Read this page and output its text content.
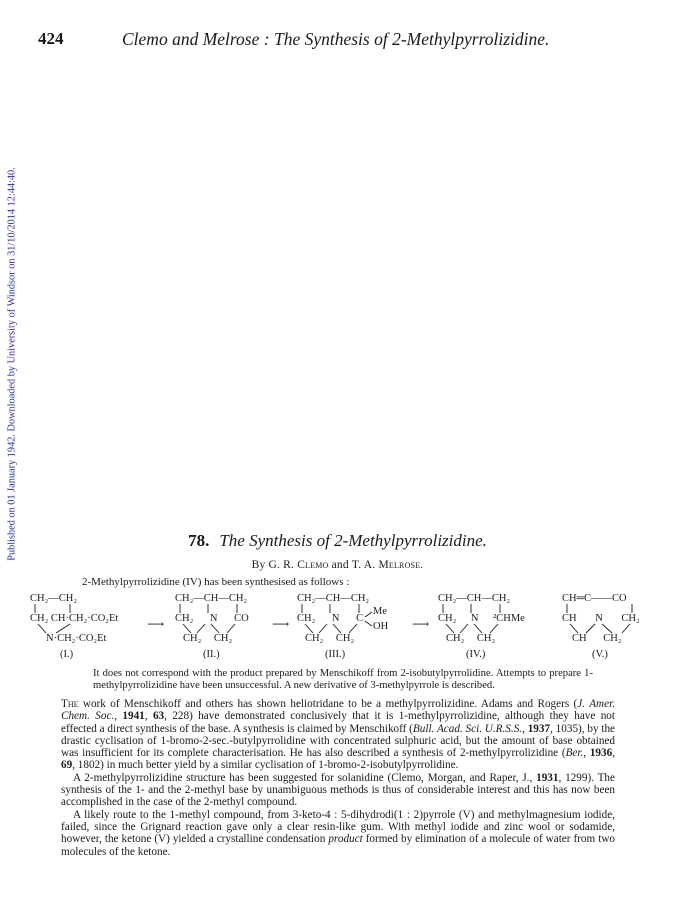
424	Clemo and Melrose : The Synthesis of 2-Methylpyrrolizidine.
Published on 01 January 1942. Downloaded by University of Windsor on 31/10/2014 12:44:40.	78. The Synthesis of 2-Methylpyrrolizidine.
By G. R. Clemo and T. A. Melrose.
2-Methylpyrrolizidine (IV) has been synthesised as follows :
CH₂—CH₂
CH₂ CH·CH₂·CO₂Et
N·CH₂·CO₂Et
(I.)
⟶
CH₂—CH—CH₂
CH₂ N CO
CH₂ CH₂
(II.)
⟶
CH₂—CH—CH₂
CH₂ N C
Me
OH
CH₂ CH₂
(III.)
⟶
CH₂—CH—CH₂
CH₂ N ²CHMe
CH₂ CH₂
(IV.)
CH═C——CO
CH N CH₂
CH CH₂
(V.)
It does not correspond with the product prepared by Menschikoff from 2-isobutylpyrrolidine. Attempts to prepare 1-methylpyrrolizidine have been unsuccessful. A new derivative of 3-methylpyrrole is described.

The work of Menschikoff and others has shown heliotridane to be a methylpyrrolizidine. Adams and Rogers (J. Amer. Chem. Soc., 1941, 63, 228) have demonstrated conclusively that it is 1-methylpyrrolizidine, although they have not effected a direct synthesis of the base. A synthesis is claimed by Menschikoff (Bull. Acad. Sci. U.R.S.S., 1937, 1035), by the drastic cyclisation of 1-bromo-2-sec.-butylpyrrolidine with concentrated sulphuric acid, but the amount of base obtained was insufficient for its complete characterisation. He has also described a synthesis of 2-methylpyrrolizidine (Ber., 1936, 69, 1802) in much better yield by a similar cyclisation of 1-bromo-2-isobutylpyrrolidine.

A 2-methylpyrrolizidine structure has been suggested for solanidine (Clemo, Morgan, and Raper, J., 1931, 1299). The synthesis of the 1- and the 2-methyl base by unambiguous methods is thus of considerable interest and this has now been accomplished in the case of the 2-methyl compound.

A likely route to the 1-methyl compound, from 3-keto-4 : 5-dihydrodi(1 : 2)pyrrole (V) and methylmagnesium iodide, failed, since the Grignard reaction gave only a clear resin-like gum. With methyl iodide and zinc wool or sodamide, however, the ketone (V) yielded a crystalline condensation product formed by elimination of a molecule of water from two molecules of the ketone.
